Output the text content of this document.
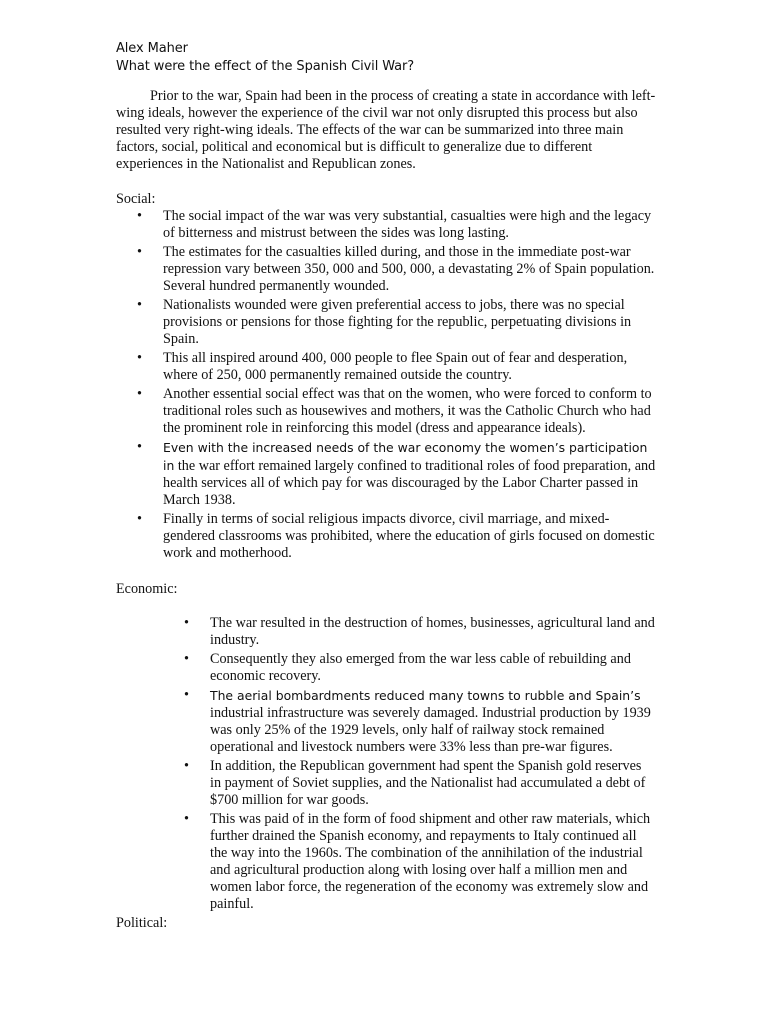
Alex Maher

What were the effect of the Spanish Civil War?

Prior to the war, Spain had been in the process of creating a state in accordance with left-wing ideals, however the experience of the civil war not only disrupted this process but also resulted very right-wing ideals. The effects of the war can be summarized into three main factors, social, political and economical but is difficult to generalize due to different experiences in the Nationalist and Republican zones.

Social:

• The social impact of the war was very substantial, casualties were high and the legacy of bitterness and mistrust between the sides was long lasting.
• The estimates for the casualties killed during, and those in the immediate post-war repression vary between 350, 000 and 500, 000, a devastating 2% of Spain population. Several hundred permanently wounded.
• Nationalists wounded were given preferential access to jobs, there was no special provisions or pensions for those fighting for the republic, perpetuating divisions in Spain.
• This all inspired around 400, 000 people to flee Spain out of fear and desperation, where of 250, 000 permanently remained outside the country.
• Another essential social effect was that on the women, who were forced to conform to traditional roles such as housewives and mothers, it was the Catholic Church who had the prominent role in reinforcing this model (dress and appearance ideals).
• Even with the increased needs of the war economy the women’s participation in the war effort remained largely confined to traditional roles of food preparation, and health services all of which pay for was discouraged by the Labor Charter passed in March 1938.
• Finally in terms of social religious impacts divorce, civil marriage, and mixed-gendered classrooms was prohibited, where the education of girls focused on domestic work and motherhood.

Economic:

• The war resulted in the destruction of homes, businesses, agricultural land and industry.
• Consequently they also emerged from the war less cable of rebuilding and economic recovery.
• The aerial bombardments reduced many towns to rubble and Spain’s industrial infrastructure was severely damaged. Industrial production by 1939 was only 25% of the 1929 levels, only half of railway stock remained operational and livestock numbers were 33% less than pre-war figures.
• In addition, the Republican government had spent the Spanish gold reserves in payment of Soviet supplies, and the Nationalist had accumulated a debt of $700 million for war goods.
• This was paid of in the form of food shipment and other raw materials, which further drained the Spanish economy, and repayments to Italy continued all the way into the 1960s. The combination of the annihilation of the industrial and agricultural production along with losing over half a million men and women labor force, the regeneration of the economy was extremely slow and painful.

Political:
